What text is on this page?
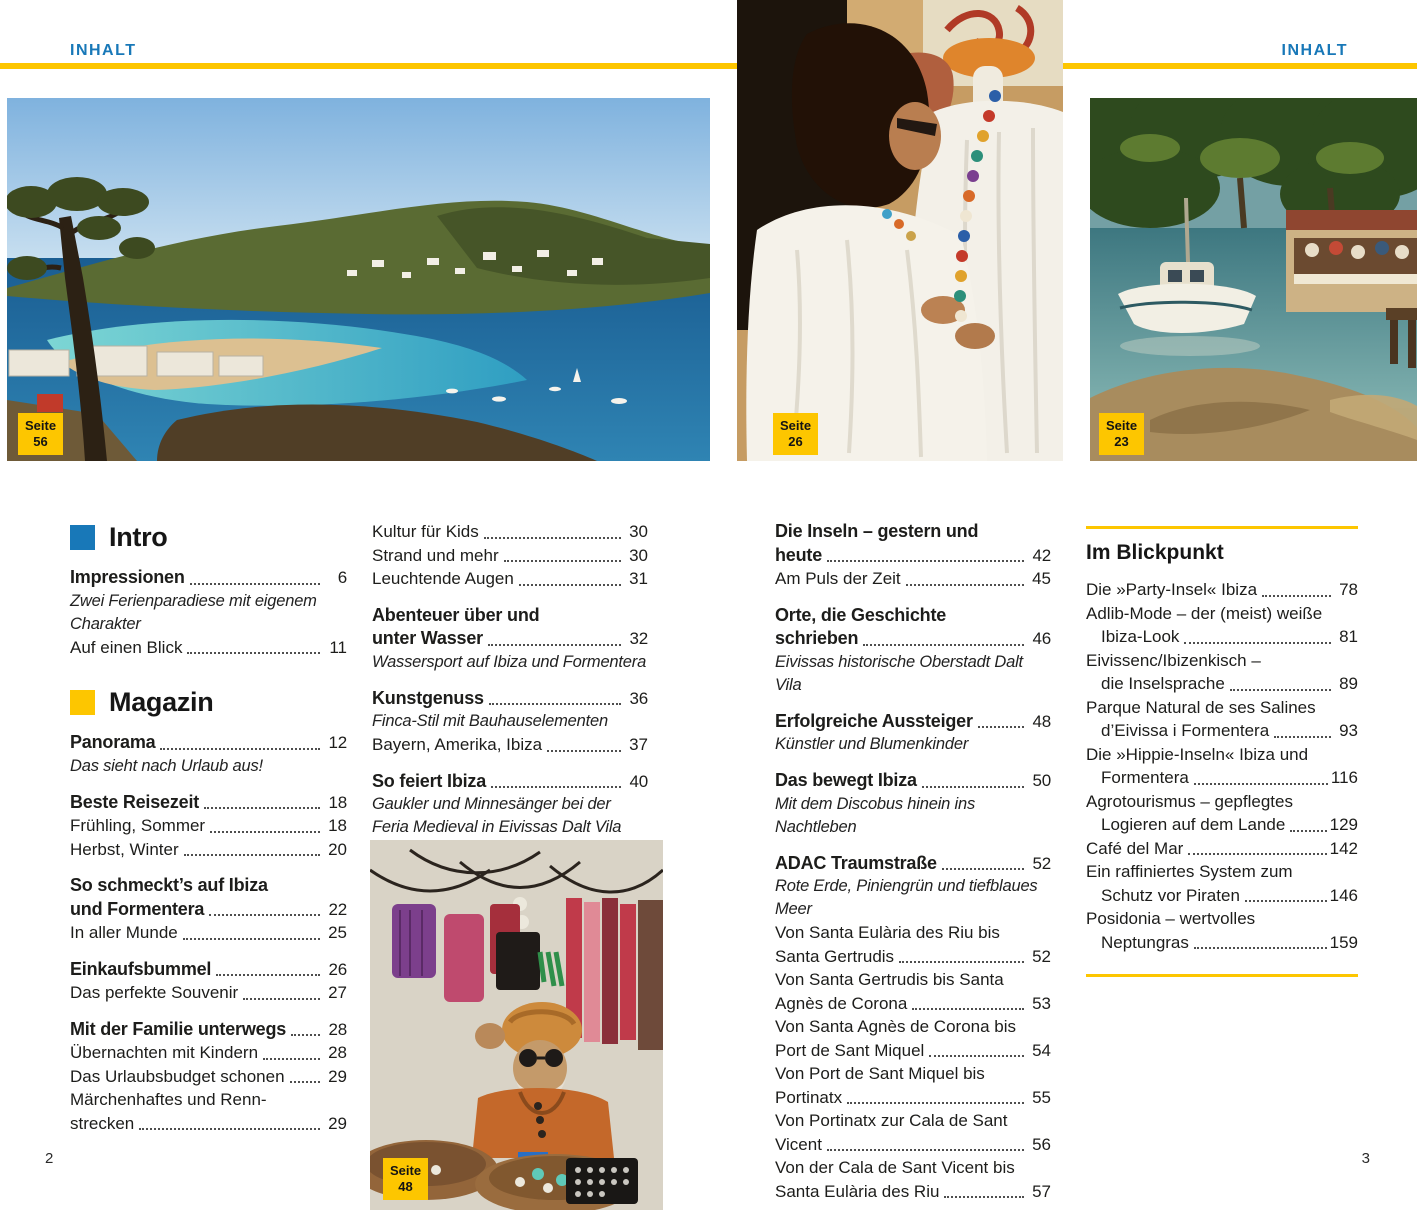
INHALT	INHALT
Seite
56
Seite
26
Seite
23
Seite
48
Intro
Impressionen	6
Zwei Ferienparadiese mit eigenem Charakter
Auf einen Blick	11
Magazin
Panorama	12
Das sieht nach Urlaub aus!
Beste Reisezeit	18
Frühling, Sommer	18
Herbst, Winter	20
So schmeckt’s auf Ibiza
und Formentera	22
In aller Munde	25
Einkaufsbummel	26
Das perfekte Souvenir	27
Mit der Familie unterwegs	28
Übernachten mit Kindern	28
Das Urlaubsbudget schonen	29
Märchenhaftes und Renn-
strecken	29
Kultur für Kids	30
Strand und mehr	30
Leuchtende Augen	31
Abenteuer über und
unter Wasser	32
Wassersport auf Ibiza und Formentera
Kunstgenuss	36
Finca-Stil mit Bauhauselementen
Bayern, Amerika, Ibiza	37
So feiert Ibiza	40
Gaukler und Minnesänger bei der Feria Medieval in Eivissas Dalt Vila
Die Inseln – gestern und
heute	42
Am Puls der Zeit	45
Orte, die Geschichte
schrieben	46
Eivissas historische Oberstadt Dalt Vila
Erfolgreiche Aussteiger	48
Künstler und Blumenkinder
Das bewegt Ibiza	50
Mit dem Discobus hinein ins Nachtleben
ADAC Traumstraße	52
Rote Erde, Piniengrün und tiefblaues Meer
Von Santa Eulària des Riu bis
Santa Gertrudis	52
Von Santa Gertrudis bis Santa
Agnès de Corona	53
Von Santa Agnès de Corona bis
Port de Sant Miquel	54
Von Port de Sant Miquel bis
Portinatx	55
Von Portinatx zur Cala de Sant
Vicent	56
Von der Cala de Sant Vicent bis
Santa Eulària des Riu	57
Im Blickpunkt
Die »Party-Insel« Ibiza	78
Adlib-Mode – der (meist) weiße
Ibiza-Look	81
Eivissenc/Ibizenkisch –
die Inselsprache	89
Parque Natural de ses Salines
d’Eivissa i Formentera	93
Die »Hippie-Inseln« Ibiza und
Formentera	116
Agrotourismus – gepflegtes
Logieren auf dem Lande	129
Café del Mar	142
Ein raffiniertes System zum
Schutz vor Piraten	146
Posidonia – wertvolles
Neptungras	159
2	3
